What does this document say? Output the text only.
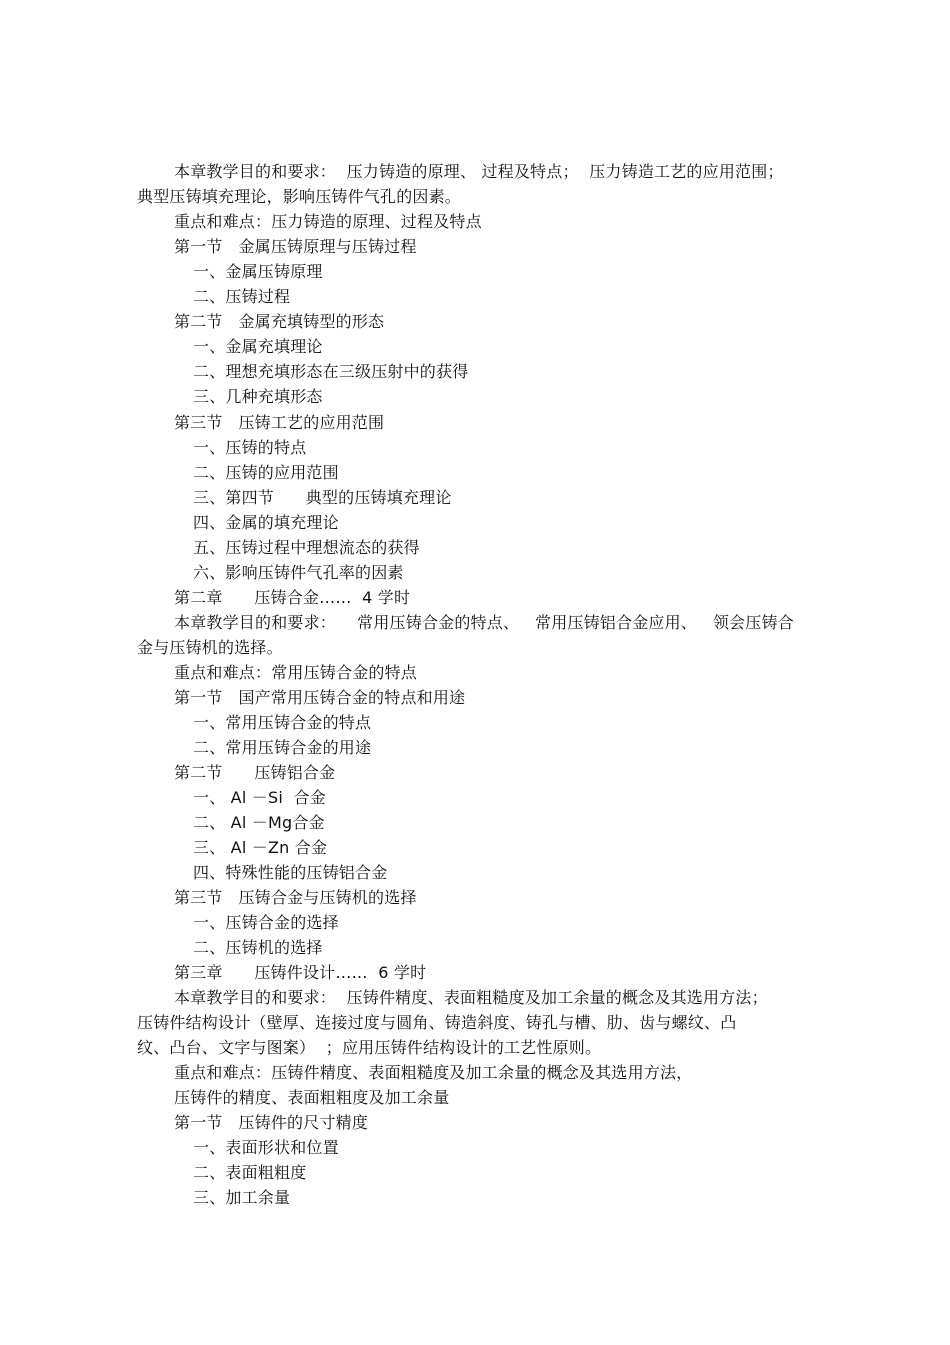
本章教学目的和要求：  压力铸造的原理、 过程及特点；  压力铸造工艺的应用范围；
典型压铸填充理论，影响压铸件气孔的因素。
重点和难点：压力铸造的原理、过程及特点
第一节   金属压铸原理与压铸过程
一、金属压铸原理
二、压铸过程
第二节   金属充填铸型的形态
一、金属充填理论
二、理想充填形态在三级压射中的获得
三、几种充填形态
第三节   压铸工艺的应用范围
一、压铸的特点
二、压铸的应用范围
三、第四节      典型的压铸填充理论
四、金属的填充理论
五、压铸过程中理想流态的获得
六、影响压铸件气孔率的因素
第二章      压铸合金……  4 学时
本章教学目的和要求：    常用压铸合金的特点、   常用压铸铝合金应用、   领会压铸合
金与压铸机的选择。
重点和难点：常用压铸合金的特点
第一节   国产常用压铸合金的特点和用途
一、常用压铸合金的特点
二、常用压铸合金的用途
第二节      压铸铝合金
一、 Al －Si  合金
二、 Al －Mg合金
三、 Al －Zn 合金
四、特殊性能的压铸铝合金
第三节   压铸合金与压铸机的选择
一、压铸合金的选择
二、压铸机的选择
第三章      压铸件设计……  6 学时
本章教学目的和要求：  压铸件精度、表面粗糙度及加工余量的概念及其选用方法；
压铸件结构设计（壁厚、连接过度与圆角、铸造斜度、铸孔与槽、肋、齿与螺纹、凸
纹、凸台、文字与图案）  ；应用压铸件结构设计的工艺性原则。
重点和难点：压铸件精度、表面粗糙度及加工余量的概念及其选用方法，
压铸件的精度、表面粗粗度及加工余量
第一节   压铸件的尺寸精度
一、表面形状和位置
二、表面粗粗度
三、加工余量
